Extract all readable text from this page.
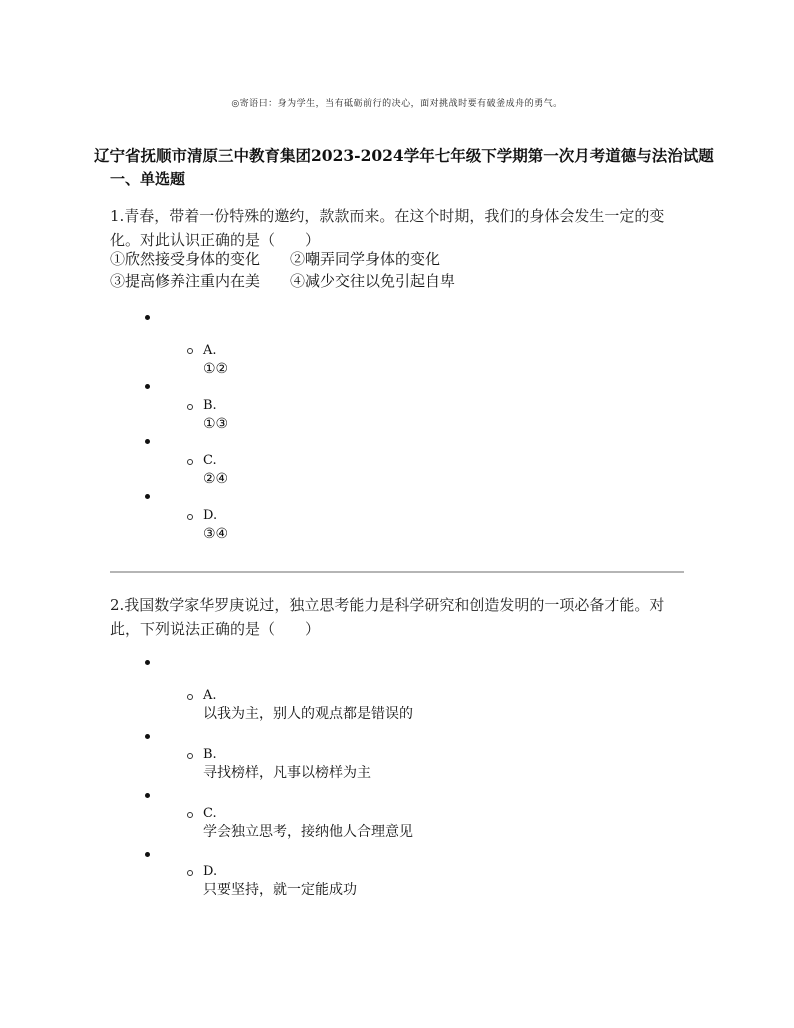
◎寄语曰：身为学生，当有砥砺前行的决心，面对挑战时要有破釜成舟的勇气。
辽宁省抚顺市清原三中教育集团2023-2024学年七年级下学期第一次月考道德与法治试题
一、单选题
1.青春，带着一份特殊的邀约，款款而来。在这个时期，我们的身体会发生一定的变化。对此认识正确的是（　　）
①欣然接受身体的变化　　②嘲弄同学身体的变化
③提高修养注重内在美　　④减少交往以免引起自卑
A.
①②
B.
①③
C.
②④
D.
③④
2.我国数学家华罗庚说过，独立思考能力是科学研究和创造发明的一项必备才能。对此，下列说法正确的是（　　）
A.
以我为主，别人的观点都是错误的
B.
寻找榜样，凡事以榜样为主
C.
学会独立思考，接纳他人合理意见
D.
只要坚持，就一定能成功
